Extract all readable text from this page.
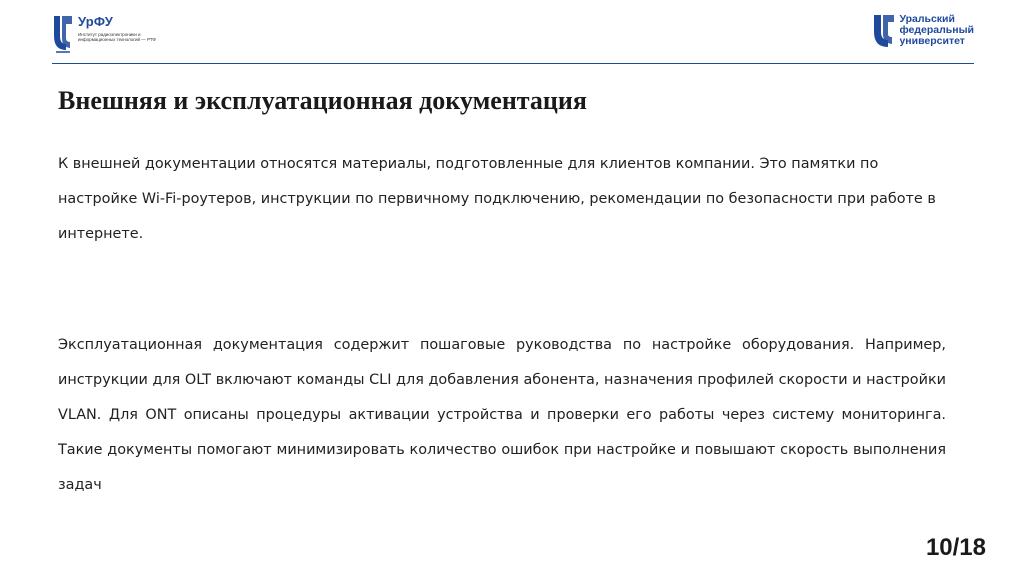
УрФУ
Институт радиоэлектроники и информационных технологий — РТФ
Уральский
федеральный
университет
Внешняя и эксплуатационная документация

К внешней документации относятся материалы, подготовленные для клиентов компании. Это памятки по настройке Wi-Fi-роутеров, инструкции по первичному подключению, рекомендации по безопасности при работе в интернете.

Эксплуатационная документация содержит пошаговые руководства по настройке оборудования. Например, инструкции для OLT включают команды CLI для добавления абонента, назначения профилей скорости и настройки VLAN. Для ONT описаны процедуры активации устройства и проверки его работы через систему мониторинга. Такие документы помогают минимизировать количество ошибок при настройке и повышают скорость выполнения задач

10/18
